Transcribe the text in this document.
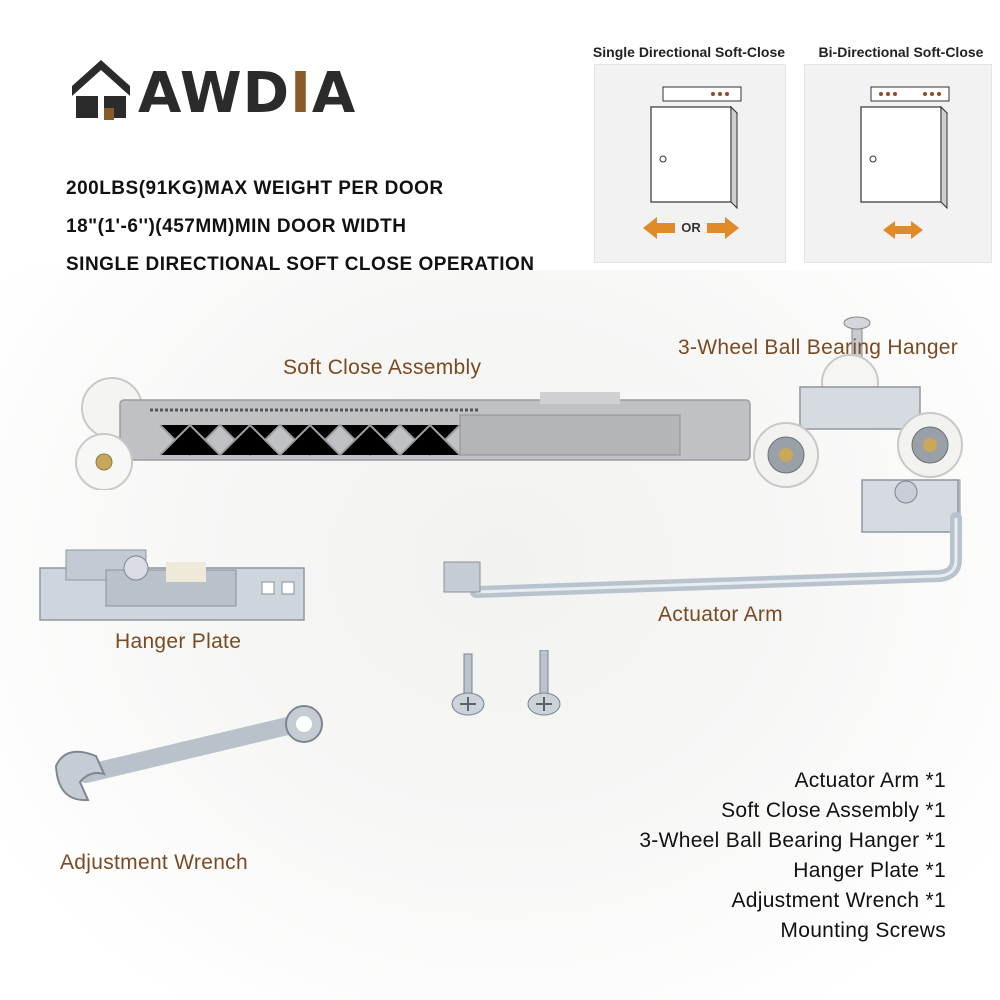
AWDIA
200LBS(91KG)MAX WEIGHT PER DOOR
18"(1'-6'')(457MM)MIN DOOR WIDTH
SINGLE DIRECTIONAL SOFT CLOSE OPERATION
Single Directional Soft-Close
OR
Bi-Directional Soft-Close
Soft Close Assembly
3-Wheel Ball Bearing Hanger
Hanger Plate
Actuator Arm
Adjustment Wrench
Actuator Arm *1
Soft Close Assembly *1
3-Wheel Ball Bearing Hanger *1
Hanger Plate *1
Adjustment Wrench *1
Mounting Screws
